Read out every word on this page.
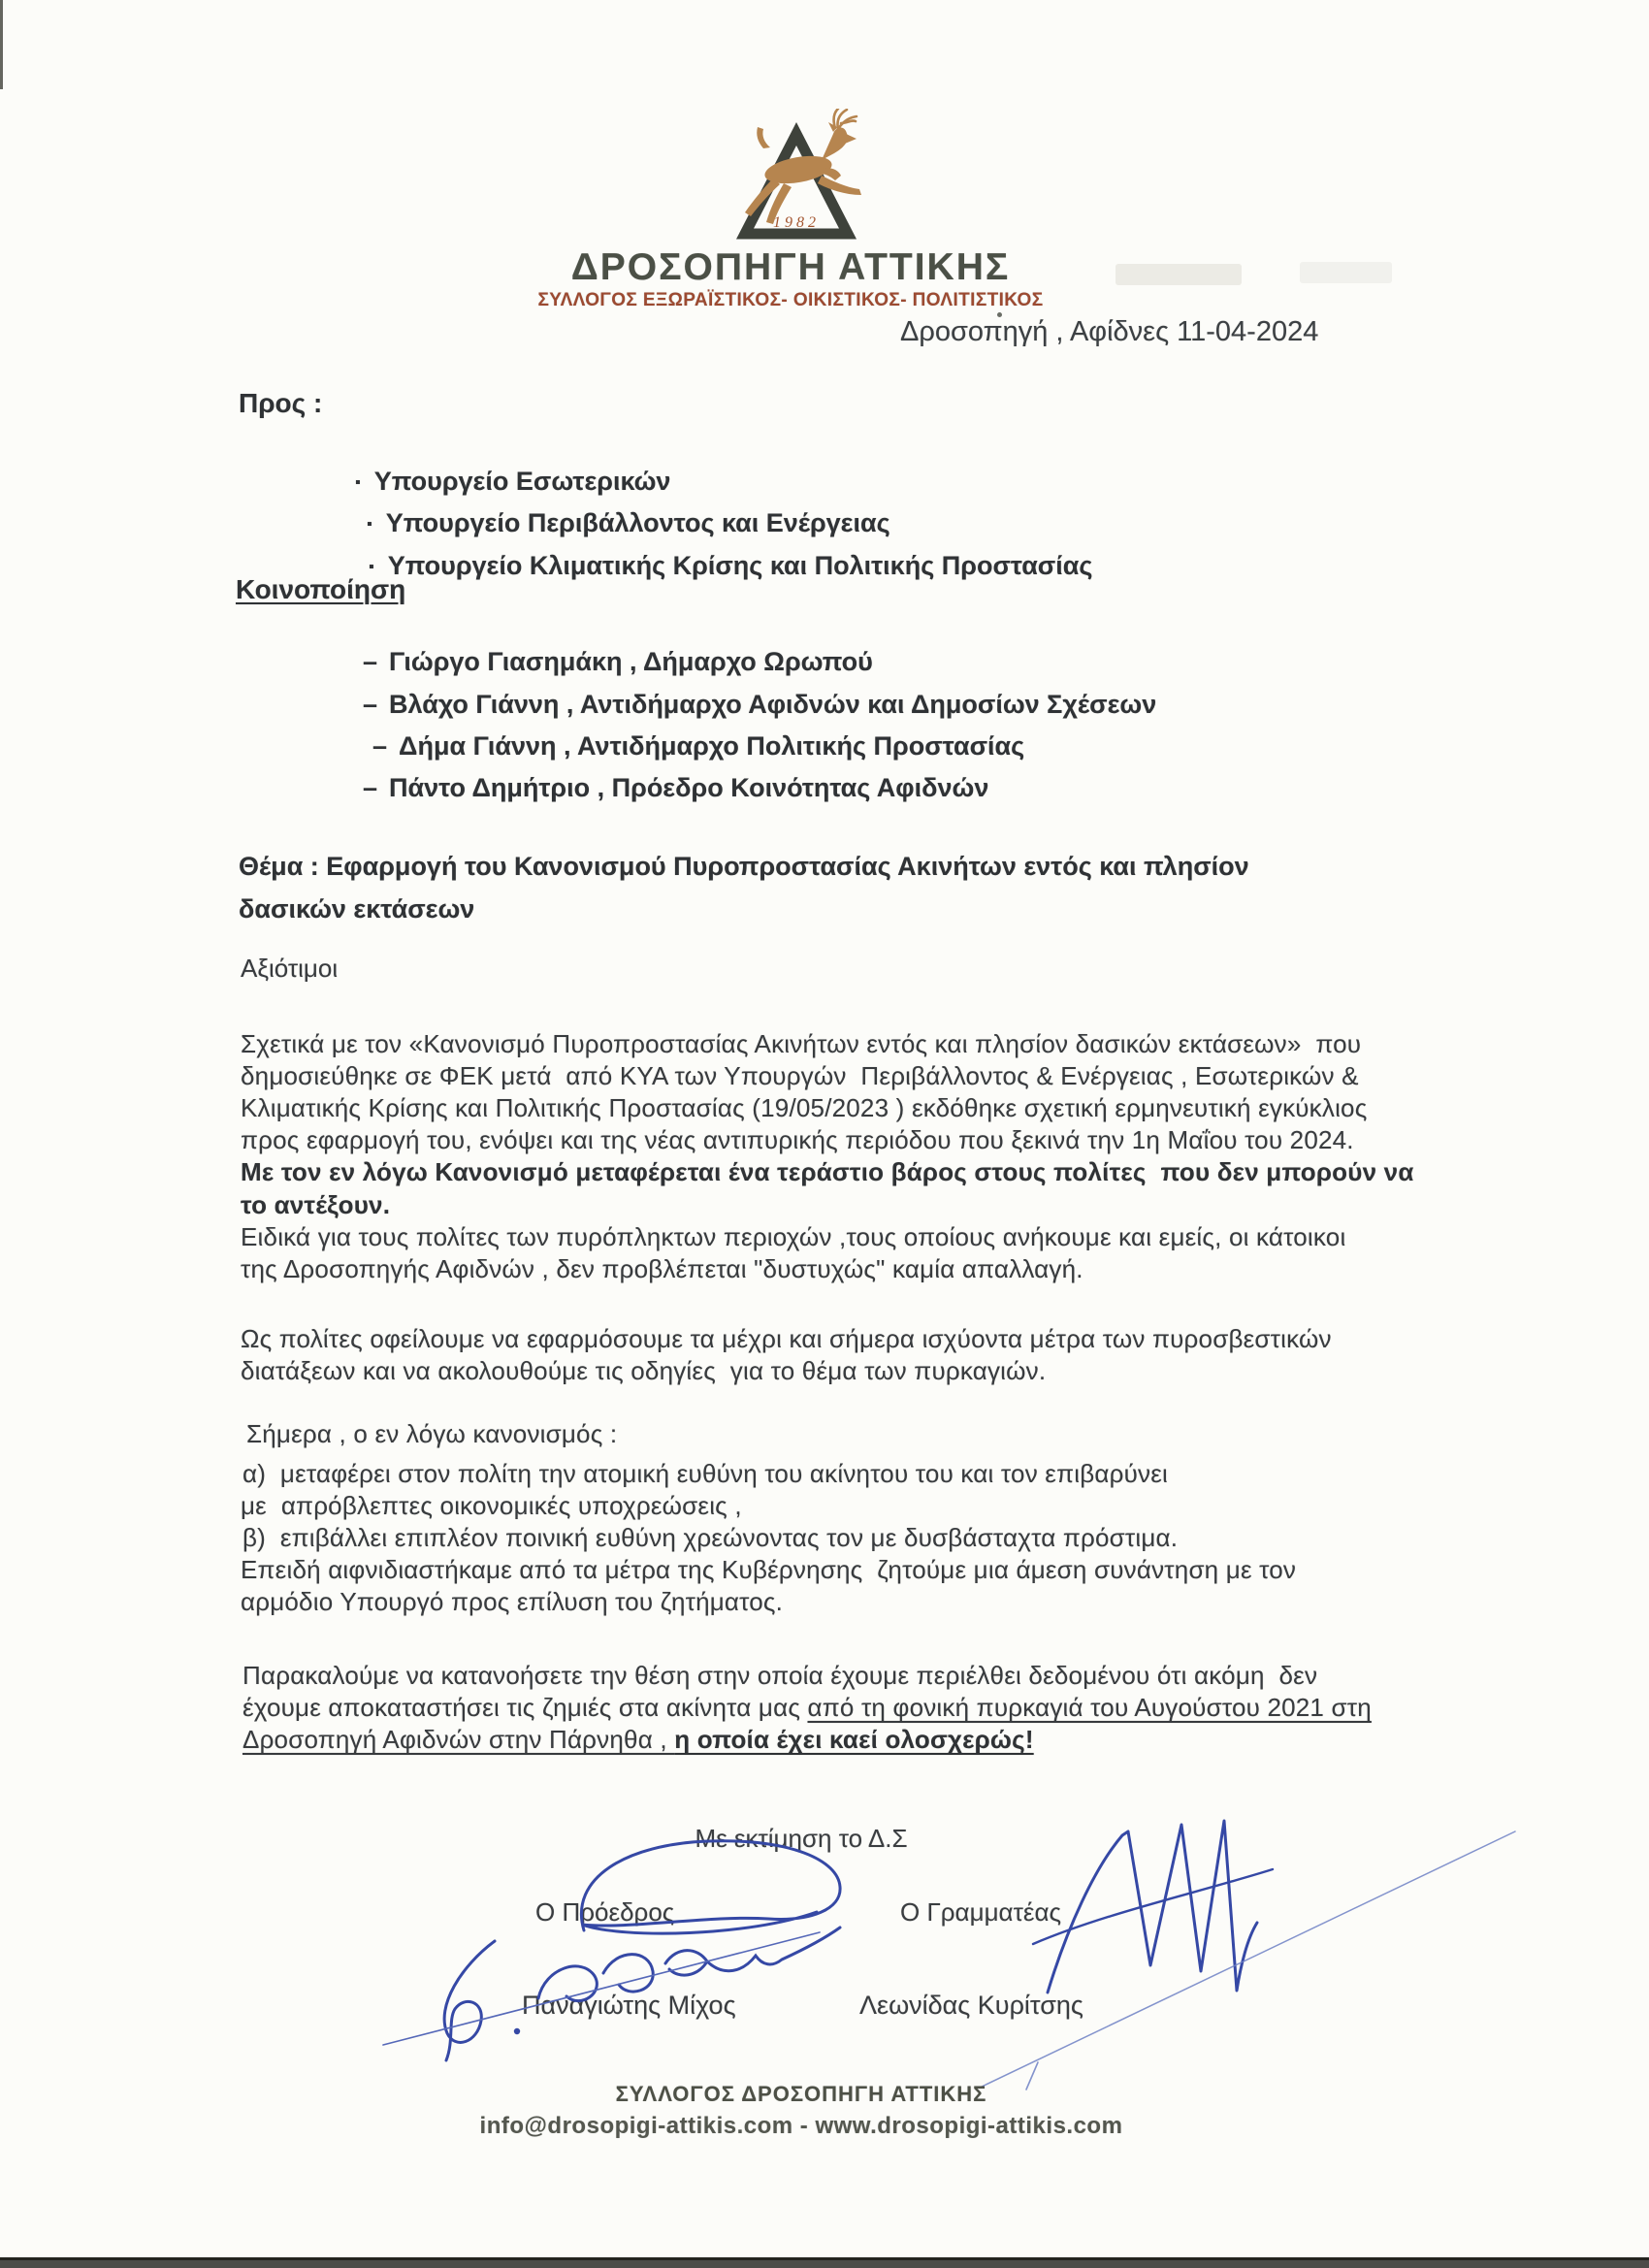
1982
ΔΡΟΣΟΠΗΓΗ ΑΤΤΙΚΗΣ
ΣΥΛΛΟΓΟΣ ΕΞΩΡΑΪΣΤΙΚΟΣ- ΟΙΚΙΣΤΙΚΟΣ- ΠΟΛΙΤΙΣΤΙΚΟΣ
Δροσοπηγή , Αφίδνες 11-04-2024
Προς :

▪ Υπουργείο Εσωτερικών

▪ Υπουργείο Περιβάλλοντος και Ενέργειας

▪ Υπουργείο Κλιματικής Κρίσης και Πολιτικής Προστασίας

Κοινοποίηση

– Γιώργο Γιασημάκη , Δήμαρχο Ωρωπού

– Βλάχο Γιάννη , Αντιδήμαρχο Αφιδνών και Δημοσίων Σχέσεων

– Δήμα Γιάννη , Αντιδήμαρχο Πολιτικής Προστασίας

– Πάντο Δημήτριο , Πρόεδρο Κοινότητας Αφιδνών

Θέμα : Εφαρμογή του Κανονισμού Πυροπροστασίας Ακινήτων εντός και πλησίον
δασικών εκτάσεων
Αξιότιμοι
Σχετικά με τον «Κανονισμό Πυροπροστασίας Ακινήτων εντός και πλησίον δασικών εκτάσεων»  που
δημοσιεύθηκε σε ΦΕΚ μετά  από ΚΥΑ των Υπουργών  Περιβάλλοντος & Ενέργειας , Εσωτερικών &
Κλιματικής Κρίσης και Πολιτικής Προστασίας (19/05/2023 ) εκδόθηκε σχετική ερμηνευτική εγκύκλιος
προς εφαρμογή του, ενόψει και της νέας αντιπυρικής περιόδου που ξεκινά την 1η Μαΐου του 2024.
Με τον εν λόγω Κανονισμό μεταφέρεται ένα τεράστιο βάρος στους πολίτες  που δεν μπορούν να
το αντέξουν.
Ειδικά για τους πολίτες των πυρόπληκτων περιοχών ,τους οποίους ανήκουμε και εμείς, οι κάτοικοι
της Δροσοπηγής Αφιδνών , δεν προβλέπεται "δυστυχώς" καμία απαλλαγή.
Ως πολίτες οφείλουμε να εφαρμόσουμε τα μέχρι και σήμερα ισχύοντα μέτρα των πυροσβεστικών
διατάξεων και να ακολουθούμε τις οδηγίες  για το θέμα των πυρκαγιών.
Σήμερα , ο εν λόγω κανονισμός :
α)  μεταφέρει στον πολίτη την ατομική ευθύνη του ακίνητου του και τον επιβαρύνει
με  απρόβλεπτες οικονομικές υποχρεώσεις ,
β)  επιβάλλει επιπλέον ποινική ευθύνη χρεώνοντας τον με δυσβάσταχτα πρόστιμα.
Επειδή αιφνιδιαστήκαμε από τα μέτρα της Κυβέρνησης  ζητούμε μια άμεση συνάντηση με τον
αρμόδιο Υπουργό προς επίλυση του ζητήματος.
Παρακαλούμε να κατανοήσετε την θέση στην οποία έχουμε περιέλθει δεδομένου ότι ακόμη  δεν
έχουμε αποκαταστήσει τις ζημιές στα ακίνητα μας από τη φονική πυρκαγιά του Αυγούστου 2021 στη
Δροσοπηγή Αφιδνών στην Πάρνηθα , η οποία έχει καεί ολοσχερώς!
Με εκτίμηση το Δ.Σ
Ο Πρόεδρος	Ο Γραμματέας
Παναγιώτης Μίχος	Λεωνίδας Κυρίτσης
ΣΥΛΛΟΓΟΣ ΔΡΟΣΟΠΗΓΗ ΑΤΤΙΚΗΣ
info@drosopigi-attikis.com - www.drosopigi-attikis.com
